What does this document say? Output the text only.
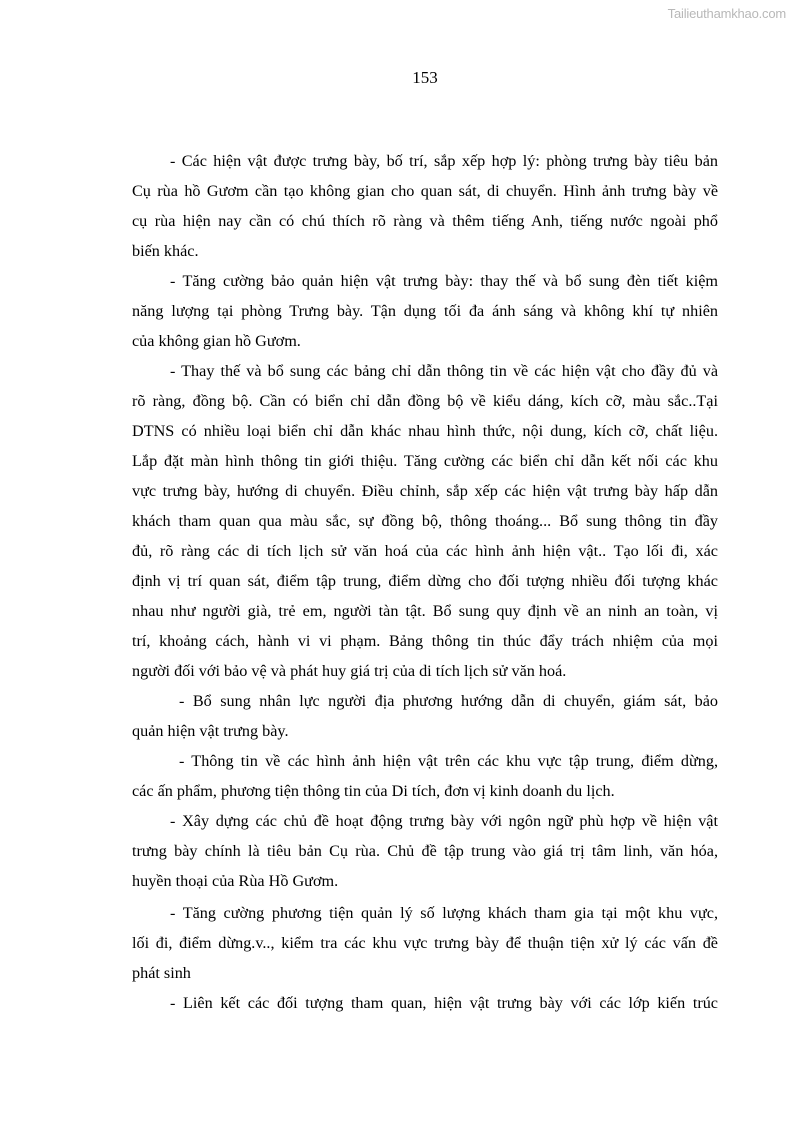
Tailieuthamkhao.com
153
- Các hiện vật được trưng bày, bố trí, sắp xếp hợp lý: phòng trưng bày tiêu bản
Cụ rùa hồ Gươm cần tạo không gian cho quan sát, di chuyển. Hình ảnh trưng bày về
cụ rùa hiện nay cần có chú thích rõ ràng và thêm tiếng Anh, tiếng nước ngoài phổ
biến khác.
- Tăng cường bảo quản hiện vật trưng bày: thay thế và bổ sung đèn tiết kiệm
năng lượng tại phòng Trưng bày. Tận dụng tối đa ánh sáng và không khí tự nhiên
của không gian hồ Gươm.
- Thay thế và bổ sung các bảng chỉ dẫn thông tin về các hiện vật cho đầy đủ và
rõ ràng, đồng bộ. Cần có biển chỉ dẫn đồng bộ về kiểu dáng, kích cỡ, màu sắc..Tại
DTNS có nhiều loại biển chỉ dẫn khác nhau hình thức, nội dung, kích cỡ, chất liệu.
Lắp đặt màn hình thông tin giới thiệu. Tăng cường các biển chỉ dẫn kết nối các khu
vực trưng bày, hướng di chuyển. Điều chỉnh, sắp xếp các hiện vật trưng bày hấp dẫn
khách tham quan qua màu sắc, sự đồng bộ, thông thoáng... Bổ sung thông tin đầy
đủ, rõ ràng các di tích lịch sử văn hoá của các hình ảnh hiện vật.. Tạo lối đi, xác
định vị trí quan sát, điểm tập trung, điểm dừng cho đối tượng nhiều đối tượng khác
nhau như người già, trẻ em, người tàn tật. Bổ sung quy định về an ninh an toàn, vị
trí, khoảng cách, hành vi vi phạm. Bảng thông tin thúc đẩy trách nhiệm của mọi
người đối với bảo vệ và phát huy giá trị của di tích lịch sử văn hoá.
- Bổ sung nhân lực người địa phương hướng dẫn di chuyển, giám sát, bảo
quản hiện vật trưng bày.
- Thông tin về các hình ảnh hiện vật trên các khu vực tập trung, điểm dừng,
các ấn phẩm, phương tiện thông tin của Di tích, đơn vị kinh doanh du lịch.
- Xây dựng các chủ đề hoạt động trưng bày với ngôn ngữ phù hợp về hiện vật
trưng bày chính là tiêu bản Cụ rùa. Chủ đề tập trung vào giá trị tâm linh, văn hóa,
huyền thoại của Rùa Hồ Gươm.
- Tăng cường phương tiện quản lý số lượng khách tham gia tại một khu vực,
lối đi, điểm dừng.v.., kiểm tra các khu vực trưng bày để thuận tiện xử lý các vấn đề
phát sinh
- Liên kết các đối tượng tham quan, hiện vật trưng bày với các lớp kiến trúc
